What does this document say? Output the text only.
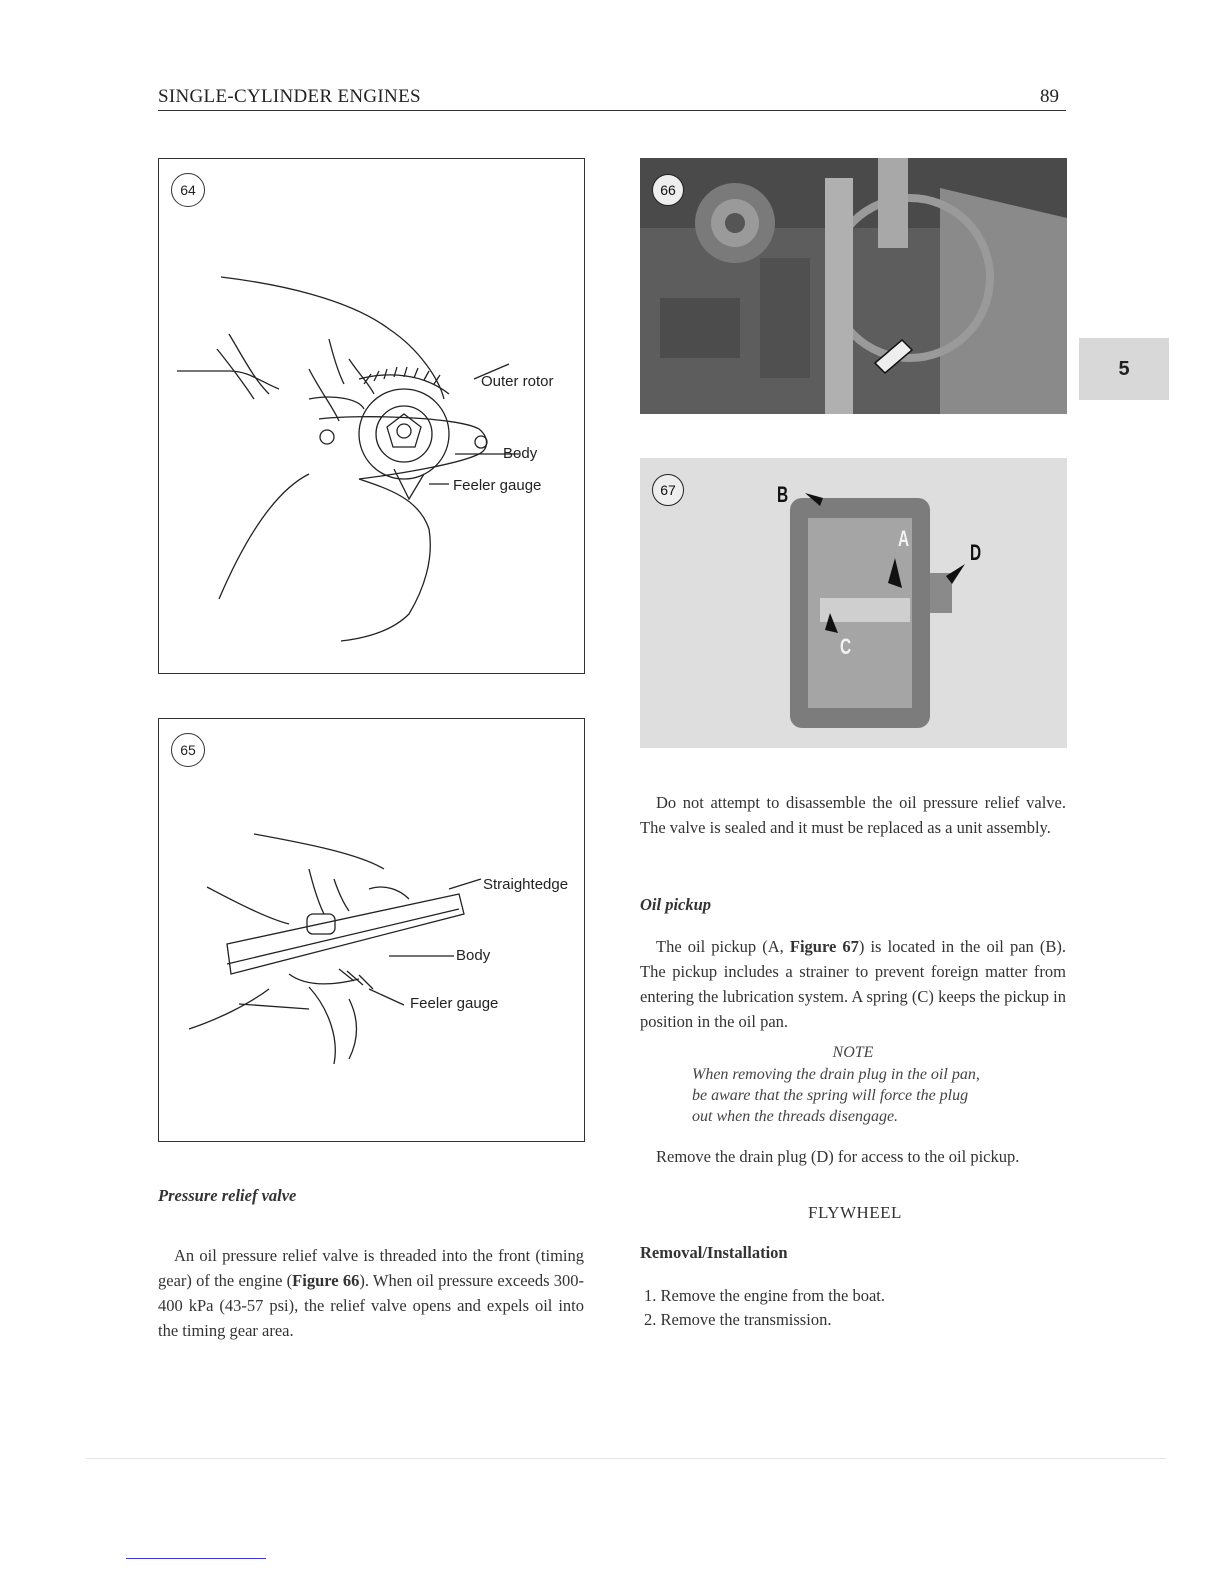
SINGLE-CYLINDER ENGINES	89
5
64
Outer rotor
Body
Feeler gauge
65
Straightedge
Body
Feeler gauge
66
67	B
A
D
C
Pressure relief valve

An oil pressure relief valve is threaded into the front (timing gear) of the engine (Figure 66). When oil pressure exceeds 300-400 kPa (43-57 psi), the relief valve opens and expels oil into the timing gear area.

Do not attempt to disassemble the oil pressure relief valve. The valve is sealed and it must be replaced as a unit assembly.

Oil pickup

The oil pickup (A, Figure 67) is located in the oil pan (B). The pickup includes a strainer to prevent foreign matter from entering the lubrication system. A spring (C) keeps the pickup in position in the oil pan.

NOTE
When removing the drain plug in the oil pan,
be aware that the spring will force the plug
out when the threads disengage.

Remove the drain plug (D) for access to the oil pickup.

FLYWHEEL
Removal/Installation
1. Remove the engine from the boat.
2. Remove the transmission.
